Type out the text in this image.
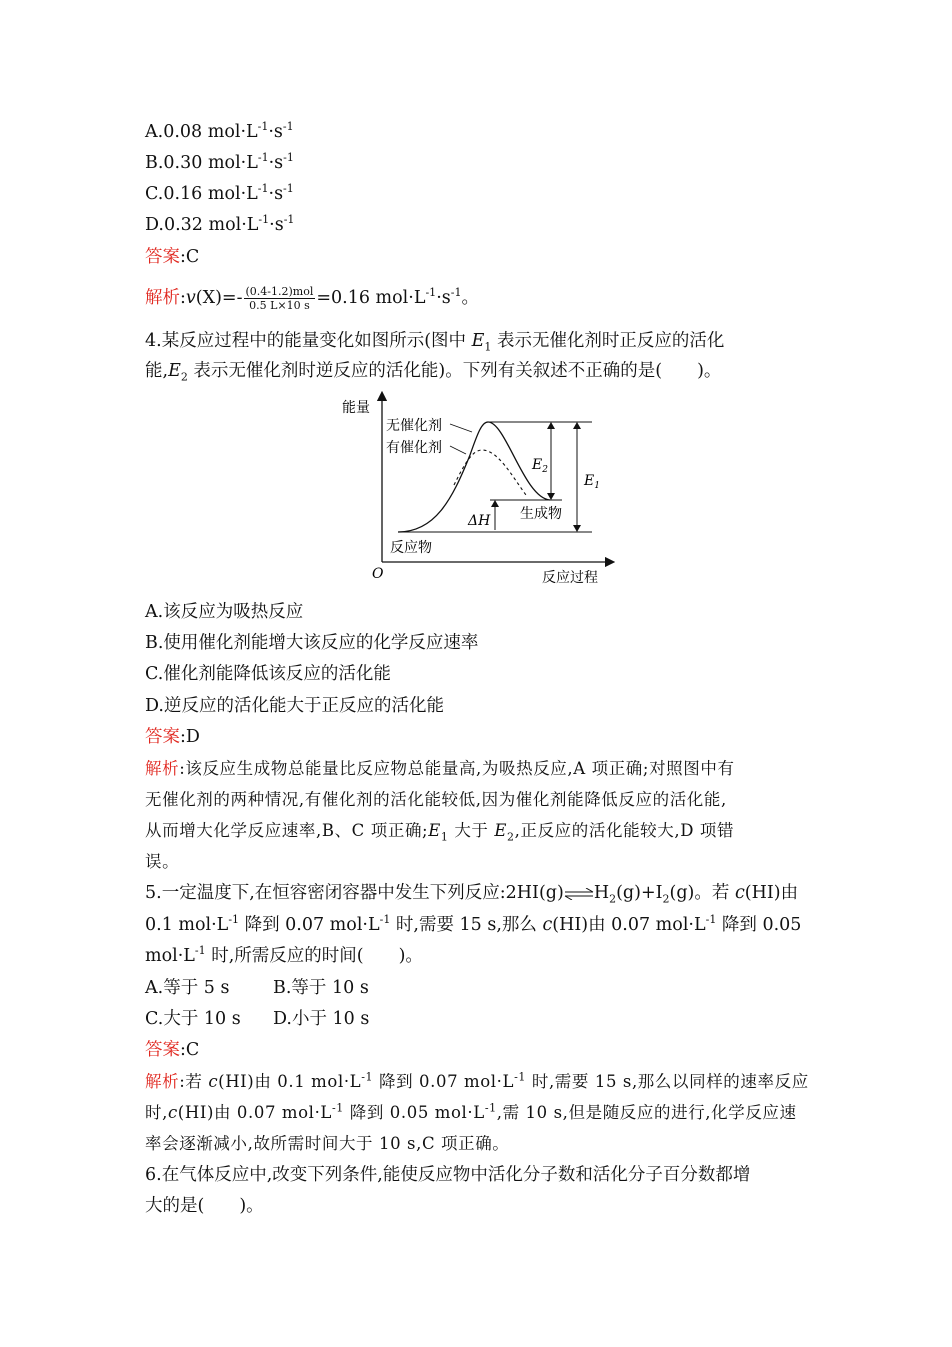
A.0.08 $mol\cdot L^{-1}\cdot s^{-1}$
B.0.30 $mol\cdot L^{-1}\cdot s^{-1}$
C.0.16 $mol\cdot L^{-1}\cdot s^{-1}$
D.0.32 $mol\cdot L^{-1}\cdot s^{-1}$
答案:C
解析:v(X)=- $\frac{\text{(0.4-1.2)mol}}{0.5 L\times 10 s} =0.16$ $mol\cdot L^{-1}\cdot s^{-1}$。
4.某反应过程中的能量变化如图所示(图中 $E_1$ 表示无催化剂时正反应的活化
能$,E_2$ 表示无催化剂时逆反应的活化能)。下列有关叙述不正确的是(　　)。
能量
反应过程
O
无催化剂
有催化剂
$E_2$
$E_1$
ΔH 生成物
反应物
A.该反应为吸热反应
B.使用催化剂能增大该反应的化学反应速率
C.催化剂能降低该反应的活化能
D.逆反应的活化能大于正反应的活化能
答案:D
解析:该反应生成物总能量比反应物总能量高,为吸热反应,A 项正确;对照图中有
无催化剂的两种情况,有催化剂的活化能较低,因为催化剂能降低反应的活化能,
从而增大化学反应速率,B、C 项正确$;E_1$ 大于 $E_2$,正反应的活化能较大,D 项错
误。
5.一定温度下,在恒容密闭容器中发生下列反应$:2HI(g)\rightleftharpoons H_2(g)+I_2(g)$。若 c(HI)由
0.1 $mol\cdot L^{-1}$ 降到 0.07 $mol\cdot L^{-1}$ 时,需要 15 s,那么 c(HI)由 0.07 $mol\cdot L^{-1}$ 降到 0.05
$mol\cdot L^{-1}$ 时,所需反应的时间(　　)。
A.等于 5 s B.等于 10 s
C.大于 10 s D.小于 10 s
答案:C
解析:若 c(HI)由 0.1 $mol\cdot L^{-1}$ 降到 0.07 $mol\cdot L^{-1}$ 时,需要 15 s,那么以同样的速率反应
时,c(HI)由 0.07 $mol\cdot L^{-1}$ 降到 0.05 $mol\cdot L^{-1}$,需 10 s,但是随反应的进行,化学反应速
率会逐渐减小,故所需时间大于 10 s,C 项正确。
6.在气体反应中,改变下列条件,能使反应物中活化分子数和活化分子百分数都增
大的是(　　)。
